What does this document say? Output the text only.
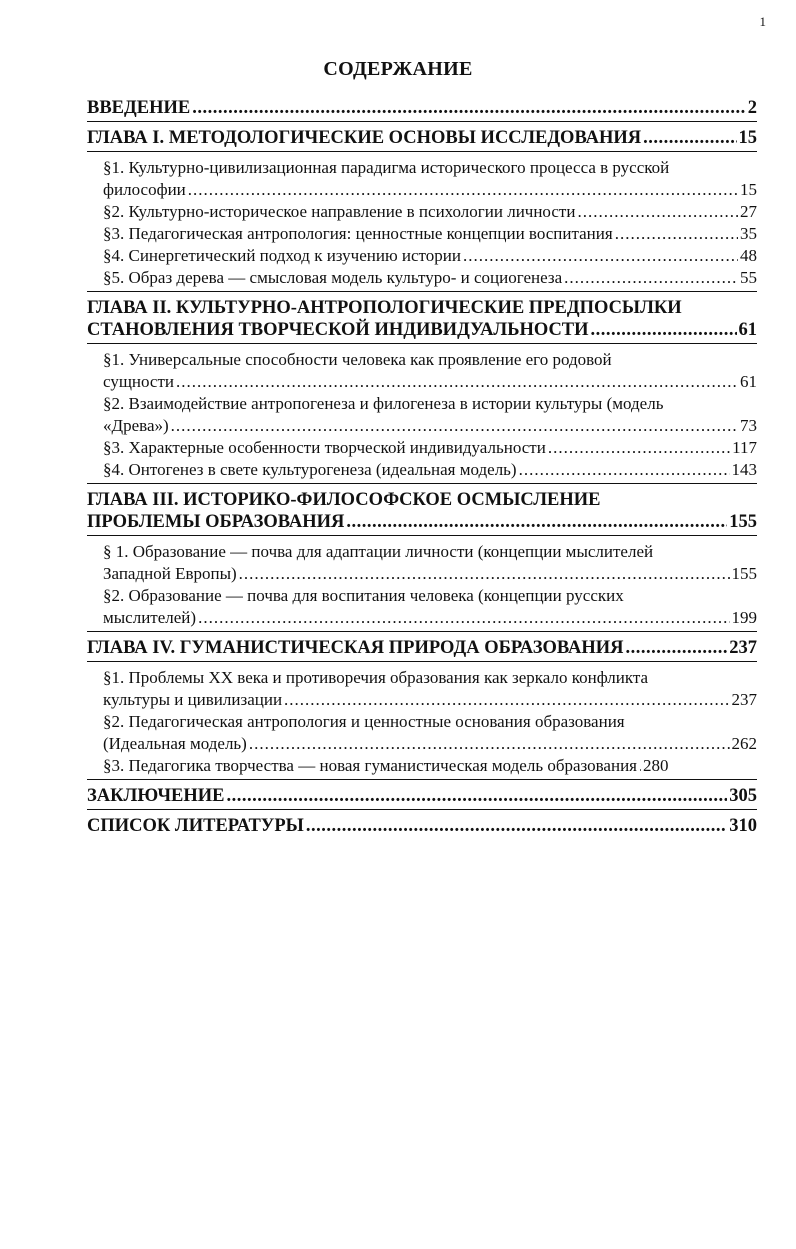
1
СОДЕРЖАНИЕ
ВВЕДЕНИЕ .....	2
ГЛАВА I. МЕТОДОЛОГИЧЕСКИЕ ОСНОВЫ ИССЛЕДОВАНИЯ .....	15
§1. Культурно-цивилизационная парадигма исторического процесса в русской
философии .....	15
§2. Культурно-историческое направление в психологии личности .....	27
§3. Педагогическая антропология: ценностные концепции воспитания .....	35
§4. Синергетический подход к изучению истории .....	48
§5. Образ дерева — смысловая модель культуро- и социогенеза .....	55
ГЛАВА II. КУЛЬТУРНО-АНТРОПОЛОГИЧЕСКИЕ ПРЕДПОСЫЛКИ
СТАНОВЛЕНИЯ ТВОРЧЕСКОЙ ИНДИВИДУАЛЬНОСТИ .....	61
§1. Универсальные способности человека как проявление его родовой
сущности .....	61
§2. Взаимодействие антропогенеза и филогенеза в истории культуры (модель
«Древа») .....	73
§3. Характерные особенности творческой индивидуальности .....	117
§4. Онтогенез в свете культурогенеза (идеальная модель) .....	143
ГЛАВА III. ИСТОРИКО-ФИЛОСОФСКОЕ ОСМЫСЛЕНИЕ
ПРОБЛЕМЫ ОБРАЗОВАНИЯ .....	155
§ 1. Образование — почва для адаптации личности (концепции мыслителей
Западной Европы) .....	155
§2. Образование — почва для воспитания человека (концепции русских
мыслителей) .....	199
ГЛАВА IV. ГУМАНИСТИЧЕСКАЯ ПРИРОДА ОБРАЗОВАНИЯ .....	237
§1. Проблемы XX века и противоречия образования как зеркало конфликта
культуры и цивилизации .....	237
§2. Педагогическая антропология и ценностные основания образования
(Идеальная модель) .....	262
§3. Педагогика творчества — новая гуманистическая модель образования ..... 280
ЗАКЛЮЧЕНИЕ .....	305
СПИСОК ЛИТЕРАТУРЫ .....	310
